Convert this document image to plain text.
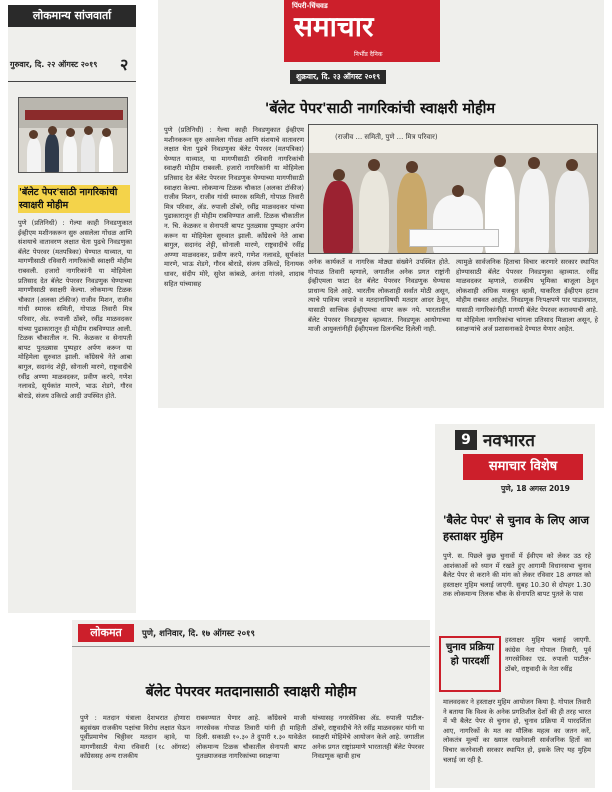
लोकमान्य सांजवार्ता
गुरुवार, दि. २२ ऑगस्ट २०१९ २
'बॅलेट पेपर'साठी नागरिकांची स्वाक्षरी मोहीम
पुणे (प्रतिनिधी) : गेल्या काही निवडणुकात ईव्हीएम मशीनकरून सुरु असलेला गोंधळ आणि संशयाचे वातावरण लक्षात घेता पुढचे निवडणुका बॅलेट पेपरवर (मतपत्रिका) घेण्यात याव्यात, या मागणीसाठी रविवारी नागरिकांची स्वाक्षरी मोहीम राबवली. हजारो नागरिकांनी या मोहिमेला प्रतिसाद देत बॅलेट पेपरवर निवडणुक घेण्याच्या मागणीसाठी स्वाक्षरी केल्या. लोकमान्य टिळक चौकात (अलका टॉकीज) राजीव मिशन, राजीव गांधी स्मारक समिती, गोपाळ तिवारी मित्र परिवार, ॲड. रुपाली ठोंबरे, रवींद्र माळवदकर यांच्या पुढाकारातून ही मोहीम राबविण्यात आली. टिळक चौकातील न. चि. केळकर व सेनापती बापट पुतळ्यास पुष्पहार अर्पण करून या मोहिमेला सुरुवात झाली. काँग्रेसचे नेते आबा बागुल, सदानंद शेट्टी, सोनाली मारणे, राष्ट्रवादीचे रवींद्र अण्णा माळवदकर, प्रवीण करपे, गणेश नलावडे, सूर्यकांत मारणे, भाऊ शेडगे, गौरव बोराडे, संजय उकिरडे आदी उपस्थित होते.
पिंपरी-चिंचवड
समाचार
निर्भीड दैनिक
शुक्रवार, दि. २३ ऑगस्ट २०१९
'बॅलेट पेपर'साठी नागरिकांची स्वाक्षरी मोहीम
पुणे (प्रतिनिधी) : गेल्या काही निवडणुकात ईव्हीएम मशीनकरून सुरु असलेला गोंधळ आणि संशयाचे वातावरण लक्षात घेता पुढचे निवडणुका बॅलेट पेपरवर (मतपत्रिका) घेण्यात याव्यात, या मागणीसाठी रविवारी नागरिकांची स्वाक्षरी मोहीम राबवली. हजारो नागरिकांनी या मोहिमेला प्रतिसाद देत बॅलेट पेपरवर निवडणुक घेण्याच्या मागणीसाठी स्वाक्षरा केल्या. लोकमान्य टिळक चौकात (अलका टॉकीज) राजीव मिशन, राजीव गांधी स्मारक समिती, गोपाळ तिवारी मित्र परिवार, ॲड. रुपाली ठोंबरे, रवींद्र माळवदकर यांच्या पुढाकारातून ही मोहीम राबविण्यात आली. टिळक चौकातील न. चि. केळकर व सेनापती बापट पुतळ्यास पुष्पहार अर्पण करून या मोहिमेला सुरुवात झाली. काँग्रेसचे नेते आबा बागुल, सदानंद शेट्टी, सोनाली मारणे, राष्ट्रवादीचे रवींद्र अण्णा माळवदकर, प्रवीण करपे, गणेश नलावडे, सूर्यकांत मारणे, भाऊ शेडगे, गौरव बोराडे, संजय उकिरडे, दिनायक धावर, संदीप मोरे, सुरेश कांबळे, अनंता गांजवे, शादाब सहित यांच्यासह
(राजीव ... समिती, पुणे ... मित्र परिवार)
अनेक कार्यकर्ते व नागरिक मोठ्या संख्येने उपस्थित होते. गोपाळ तिवारी म्हणाले, जगातील अनेक प्रगत राष्ट्रांनी ईव्हीएमला फाटा देत बॅलेट पेपरवर निवडणुक घेण्यास प्राधान्य दिले आहे. भारतीय लोकशाही सर्वात मोठी असून, त्याचे पावित्र्य जपावे व मतदानाविषयी मतदार आदर ठेवून, यासाठी सात्त्विक ईव्हीएमचा वापर करू नये. भारतातील बॅलेट पेपरवर निवडणुका व्हाव्यात. निवडणूक आयोगाच्या माजी आयुक्तांनीही ईव्हीएमला डिलनचिट दिलेली नाही.
त्यामुळे सार्वजनिक हिताचा विचार करणारे सरकार स्थापित होण्यासाठी बॅलेट पेपरवर निवडणुका व्हाव्यात. रवींद्र माळवदकर म्हणाले, राजकीय भूमिका बाजूला ठेवून लोकशाही अधिक मजबूत व्हावी, याकरिता ईव्हीएम हटाव मोहीम राबवत आहोत. निवडणूक निःपक्षपणे पार पाडावयात, यासाठी नागरिकांनीही मागणी बॅलेट पेपरवर करावयाची आहे. या मोहिमेला नागरिकांचा चांगला प्रतिसाद मिळाला असून, हे स्वाक्षऱ्यांचे अर्ज प्रशासनाकडे देण्यात येणार आहेत.
9 नवभारत
समाचार विशेष
पुणे, 18 अगस्त 2019
'बैलेट पेपर' से चुनाव के लिए आज हस्ताक्षर मुहिम
पुणे. स. पिछले कुछ चुनावों में ईवीएम को लेकर उठ रहे आशंकाओं को ध्यान में रखते हुए आगामी विधानसभा चुनाव बैलेट पेपर से कराने की मांग को लेकर रविवार 18 अगस्त को हस्ताक्षर मुहिम चलाई जाएगी. सुबह 10.30 से दोपहर 1.30 तक लोकमान्य तिलक चौक के सेनापति बापट पुतले के पास
चुनाव प्रक्रिया हो पारदर्शी
हस्ताक्षर मुहिम चलाई जाएगी. कांग्रेस नेता गोपाल तिवारी, पूर्व नगरसेविका एड. रुपाली पाटील-ठोंबरे, राष्ट्रवादी के नेता रवींद्र
मालवदकर ने हस्ताक्षर मुहिम आयोजन किया है. गोपाल तिवारी ने बताया कि विश्व के अनेक प्रगतिशील देशों की ही तरह भारत में भी बैलेट पेपर से चुनाव हो, चुनाव प्रक्रिया में पारदर्शिता आए, नागरिकों के मत का मौलिक महत्व का जतन करें, लोकतंत्र मूल्यों का ख्याल रखनेवाली सार्वजनिक हितों का विचार करनेवाली सरकार स्थापित हो, इसके लिए यह मुहिम चलाई जा रही है.
लोकमत	पुणे, शनिवार, दि. १७ ऑगस्ट २०१९
बॅलेट पेपरवर मतदानासाठी स्वाक्षरी मोहीम
पुणे : मतदान यंत्राला देशभरात होणारा बहुसंख्य राजकीय पक्षांचा विरोध लक्षात घेऊन पूर्वीप्रमाणेच चिठ्ठीवर मतदान व्हावे, या मागणीसाठी येत्या रविवारी (१८ ऑगस्ट) काँग्रेससह अन्य राजकीय
राबवण्यात येणार आहे. काँग्रेसचे माजी नगरसेवक गोपाळ तिवारी यांनी ही माहिती दिली. सकाळी १०.३० ते दुपारी १.३० यावेळेत लोकमान्य टिळक चौकातील सेनापती बापट पुतळ्याजवळ नागरिकांच्या स्वाक्षऱ्या
यांच्यासह नगरसेविका ॲड. रुपाली पाटील-ठोंबरे, राष्ट्रवादीचे नेते रवींद्र माळवदकर यांनी या स्वाक्षरी मोहिमेचे आयोजन केले आहे. जगातील अनेक प्रगत राष्ट्रांप्रमाणे भारतातही बॅलेट पेपरवर निवडणूक व्हावी हाच
